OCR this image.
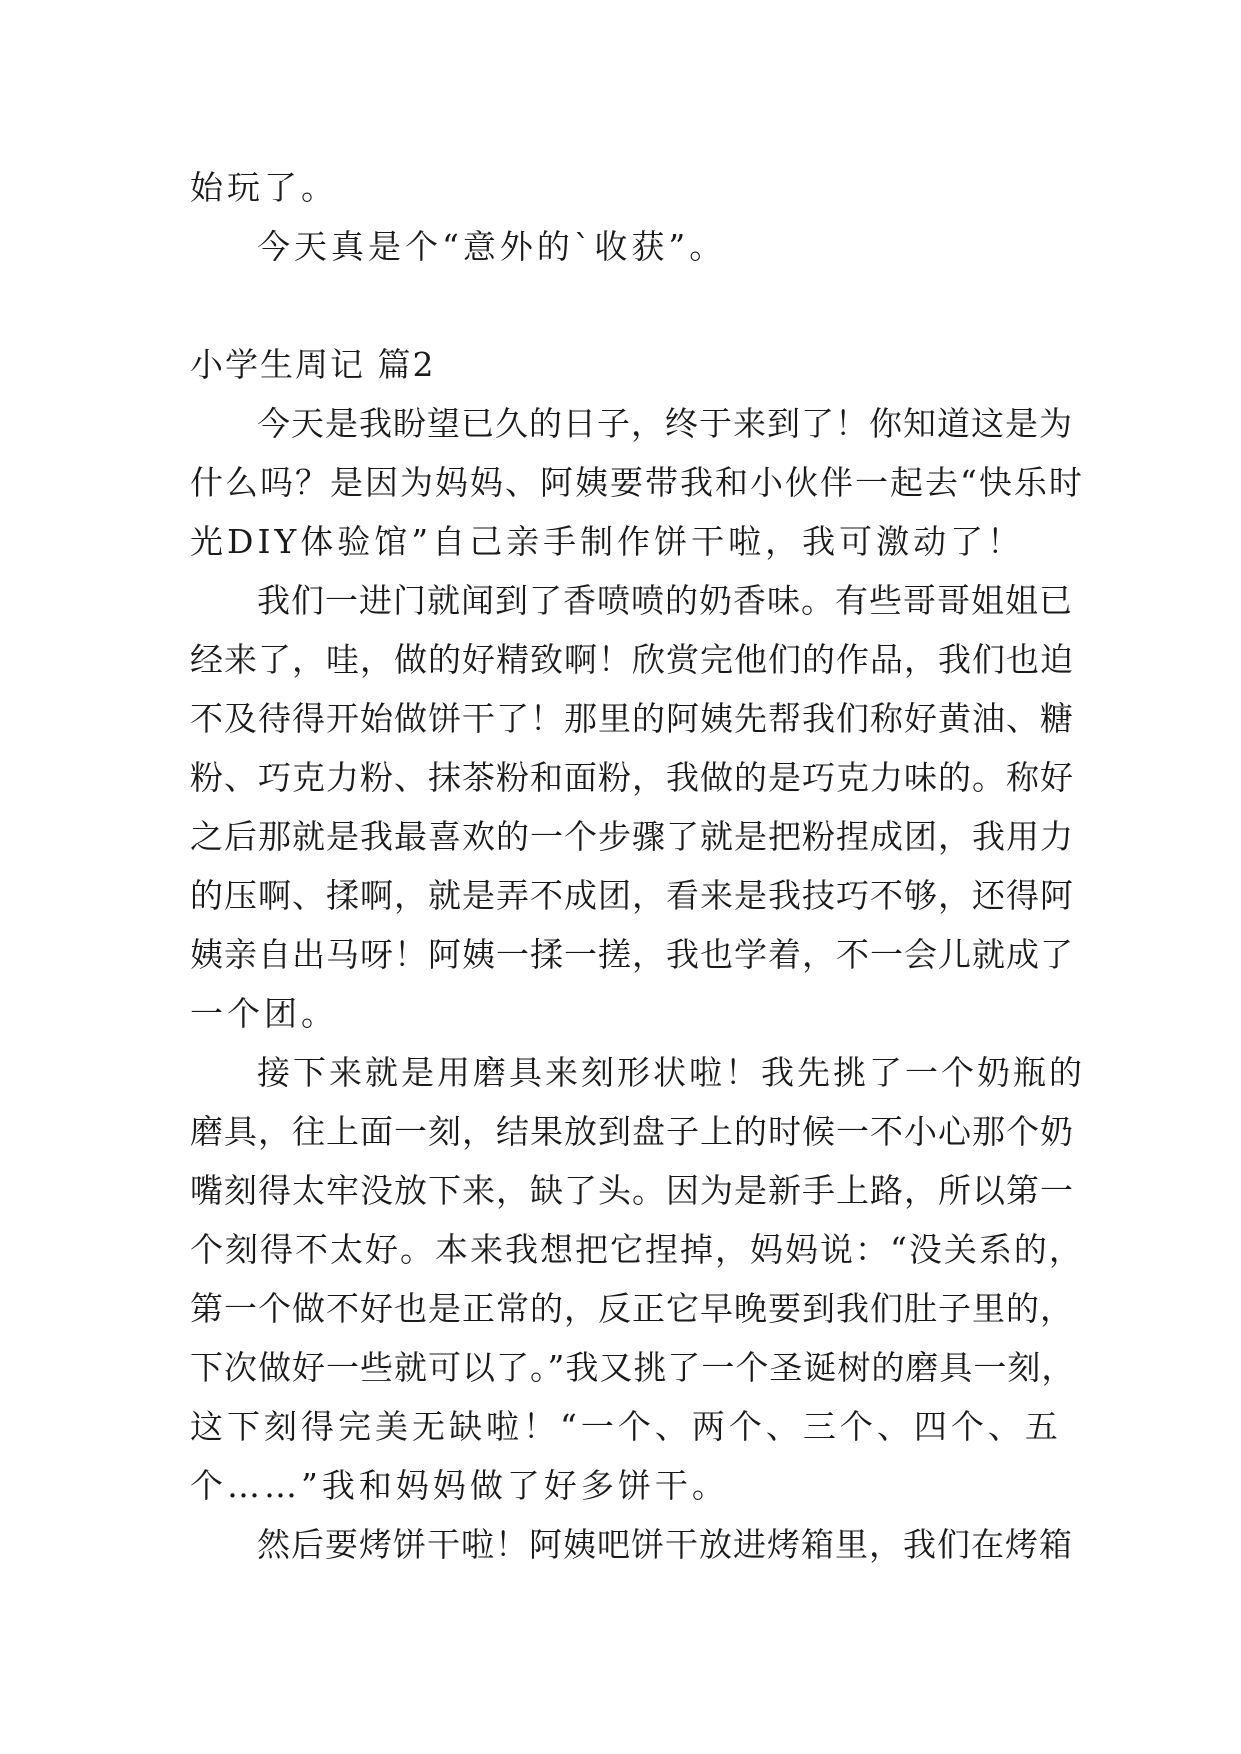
始玩了。

今天真是个“意外的`收获”。

小学生周记 篇2

今天是我盼望已久的日子，终于来到了！你知道这是为

什么吗？是因为妈妈、阿姨要带我和小伙伴一起去“快乐时

光DIY体验馆”自己亲手制作饼干啦，我可激动了！

我们一进门就闻到了香喷喷的奶香味。有些哥哥姐姐已

经来了，哇，做的好精致啊！欣赏完他们的作品，我们也迫

不及待得开始做饼干了！那里的阿姨先帮我们称好黄油、糖

粉、巧克力粉、抹茶粉和面粉，我做的是巧克力味的。称好

之后那就是我最喜欢的一个步骤了就是把粉捏成团，我用力

的压啊、揉啊，就是弄不成团，看来是我技巧不够，还得阿

姨亲自出马呀！阿姨一揉一搓，我也学着，不一会儿就成了

一个团。

接下来就是用磨具来刻形状啦！我先挑了一个奶瓶的

磨具，往上面一刻，结果放到盘子上的时候一不小心那个奶

嘴刻得太牢没放下来，缺了头。因为是新手上路，所以第一

个刻得不太好。本来我想把它捏掉，妈妈说：“没关系的，

第一个做不好也是正常的，反正它早晚要到我们肚子里的，

下次做好一些就可以了。”我又挑了一个圣诞树的磨具一刻，

这下刻得完美无缺啦！“一个、两个、三个、四个、五

个……”我和妈妈做了好多饼干。

然后要烤饼干啦！阿姨吧饼干放进烤箱里，我们在烤箱
